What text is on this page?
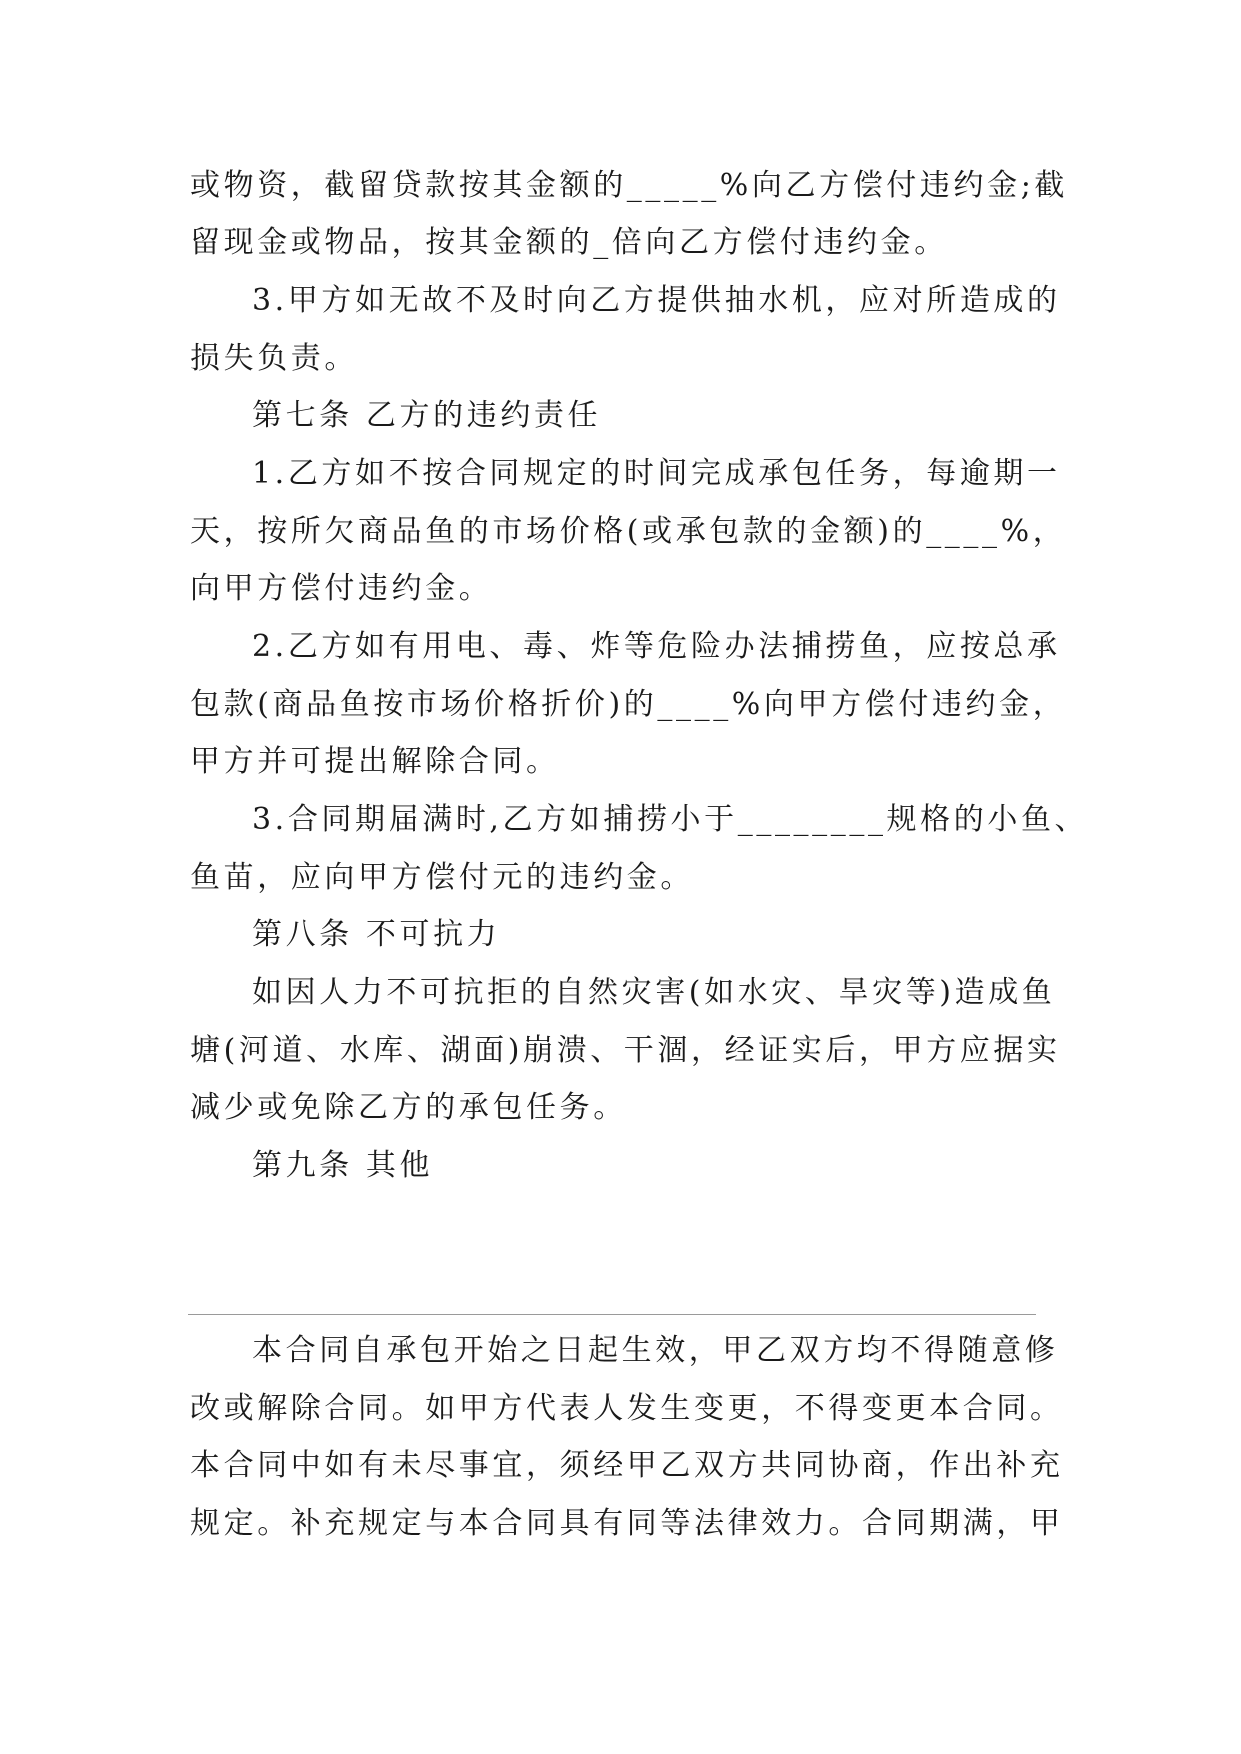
或物资，截留贷款按其金额的_____%向乙方偿付违约金;截
留现金或物品，按其金额的_倍向乙方偿付违约金。
3.甲方如无故不及时向乙方提供抽水机，应对所造成的
损失负责。
第七条 乙方的违约责任
1.乙方如不按合同规定的时间完成承包任务，每逾期一
天，按所欠商品鱼的市场价格(或承包款的金额)的____%，
向甲方偿付违约金。
2.乙方如有用电、毒、炸等危险办法捕捞鱼，应按总承
包款(商品鱼按市场价格折价)的____%向甲方偿付违约金，
甲方并可提出解除合同。
3.合同期届满时,乙方如捕捞小于________规格的小鱼、
鱼苗，应向甲方偿付元的违约金。
第八条 不可抗力
如因人力不可抗拒的自然灾害(如水灾、旱灾等)造成鱼
塘(河道、水库、湖面)崩溃、干涸，经证实后，甲方应据实
减少或免除乙方的承包任务。
第九条 其他
本合同自承包开始之日起生效，甲乙双方均不得随意修
改或解除合同。如甲方代表人发生变更，不得变更本合同。
本合同中如有未尽事宜，须经甲乙双方共同协商，作出补充
规定。补充规定与本合同具有同等法律效力。合同期满，甲
